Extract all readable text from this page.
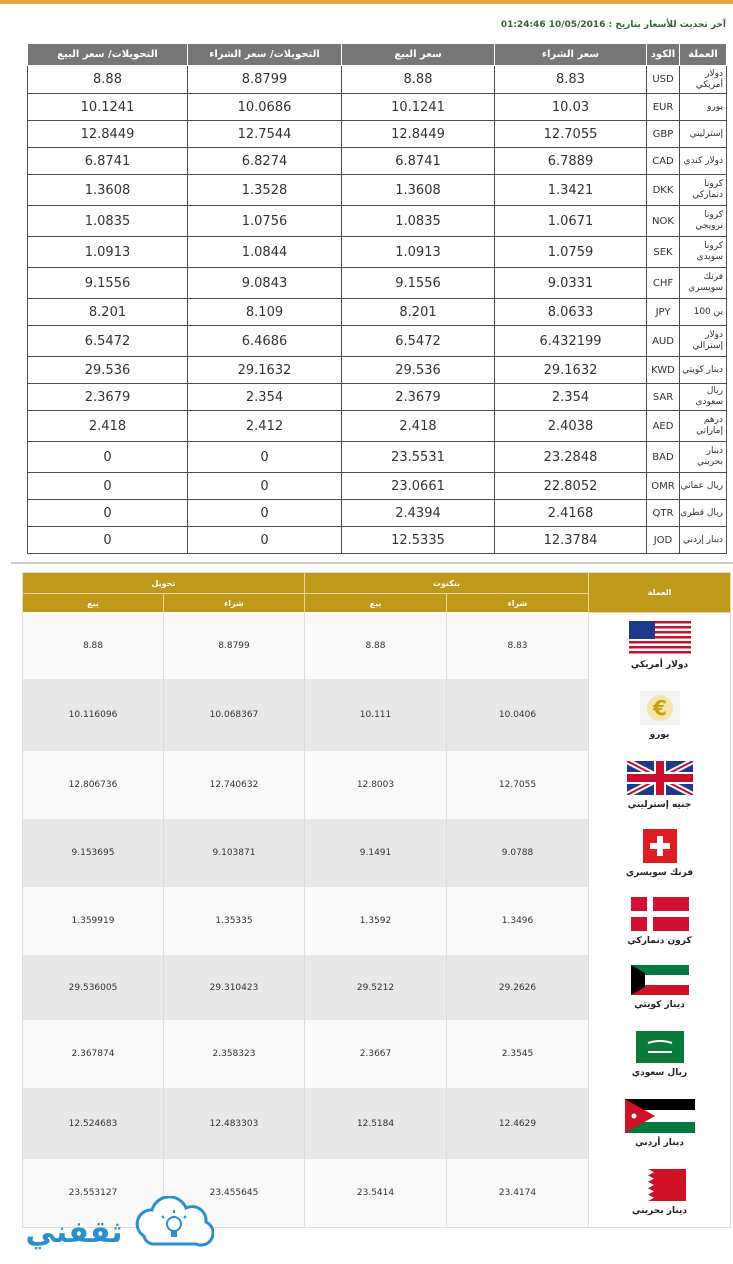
آخر تحديث للأسعار بتاريخ : 10/05/2016 01:24:46
العملة	الكود	سعر الشراء	سعر البيع	التحويلات/ سعر الشراء	التحويلات/ سعر البيع
دولار أمريكي	USD	8.83	8.88	8.8799	8.88
يورو	EUR	10.03	10.1241	10.0686	10.1241
إسترليني	GBP	12.7055	12.8449	12.7544	12.8449
دولار كندي	CAD	6.7889	6.8741	6.8274	6.8741
كرونا دنماركي	DKK	1.3421	1.3608	1.3528	1.3608
كرونا نرويجي	NOK	1.0671	1.0835	1.0756	1.0835
كرونا سويدي	SEK	1.0759	1.0913	1.0844	1.0913
فرنك سويسري	CHF	9.0331	9.1556	9.0843	9.1556
ين 100	JPY	8.0633	8.201	8.109	8.201
دولار إسترالي	AUD	6.432199	6.5472	6.4686	6.5472
دينار كويتي	KWD	29.1632	29.536	29.1632	29.536
ريال سعودي	SAR	2.354	2.3679	2.354	2.3679
درهم إماراتي	AED	2.4038	2.418	2.412	2.418
دينار بحريني	BAD	23.2848	23.5531	0	0
ريال عماني	OMR	22.8052	23.0661	0	0
ريال قطري	QTR	2.4168	2.4394	0	0
دينار إردني	JOD	12.3784	12.5335	0	0
العملة	بنكنوت		تحويل	
	شراء	بيع	شراء	بيع

دولار أمريكي	8.83	8.88	8.8799	8.88

€
يورو	10.0406	10.111	10.068367	10.116096

جنيه إسترليني	12.7055	12.8003	12.740632	12.806736

فرنك سويسري	9.0788	9.1491	9.103871	9.153695

كرون دنماركي	1.3496	1.3592	1.35335	1.359919

دينار كويتي	29.2626	29.5212	29.310423	29.536005

ريال سعودي	2.3545	2.3667	2.358323	2.367874

دينار أردني	12.4629	12.5184	12.483303	12.524683

دينار بحريني	23.4174	23.5414	23.455645	23.553127
ثقفني
